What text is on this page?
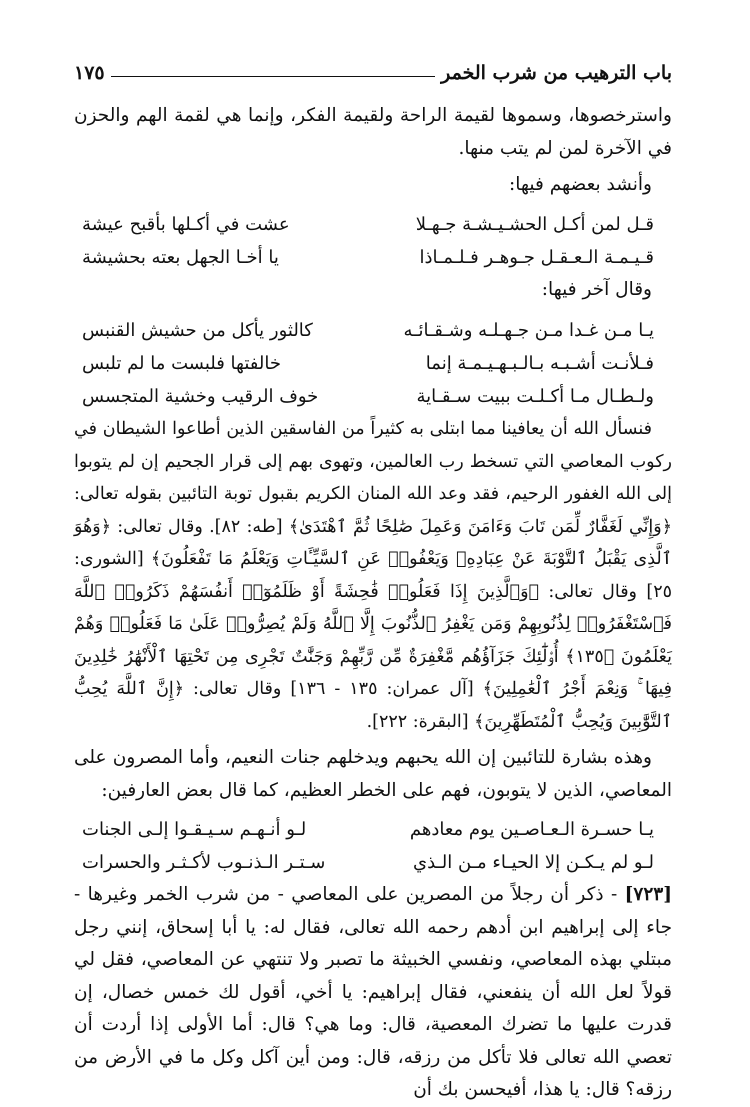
باب الترهيب من شرب الخمر
١٧٥

واسترخصوها، وسموها لقيمة الراحة ولقيمة الفكر، وإنما هي لقمة الهم والحزن في الآخرة لمن لم يتب منها.

وأنشد بعضهم فيها:

قـل لمن أكـل الحشـيـشـة جـهـلا
عشت في أكـلها بأقبح عيشة
قـيـمـة الـعـقـل جـوهـر فـلـمـاذا
يا أخـا الجهل بعته بحشيشة

وقال آخر فيها:

يـا مـن غـدا مـن جـهـلـه وشـقـائـه
كالثور يأكل من حشيش القنبس
فـلأنـت أشـبـه بـالـبـهـيـمـة إنما
خالفتها فلبست ما لم تلبس
ولـطـال مـا أكـلـت ببيت سـقـاية
خوف الرقيب وخشية المتجسس

فنسأل الله أن يعافينا مما ابتلى به كثيراً من الفاسقين الذين أطاعوا الشيطان في ركوب المعاصي التي تسخط رب العالمين، وتهوى بهم إلى قرار الجحيم إن لم يتوبوا إلى الله الغفور الرحيم، فقد وعد الله المنان الكريم بقبول توبة التائبين بقوله تعالى: ﴿وَإِنِّي لَغَفَّارٌ لِّمَن تَابَ وَءَامَنَ وَعَمِلَ صَٰلِحًا ثُمَّ ٱهْتَدَىٰ﴾ [طه: ٨٢]. وقال تعالى: ﴿وَهُوَ ٱلَّذِى يَقْبَلُ ٱلتَّوْبَةَ عَنْ عِبَادِهِۦ وَيَعْفُوا۟ عَنِ ٱلسَّيِّـَٔاتِ وَيَعْلَمُ مَا تَفْعَلُونَ﴾ [الشورى: ٢٥] وقال تعالى: ﴿وَٱلَّذِينَ إِذَا فَعَلُوا۟ فَٰحِشَةً أَوْ ظَلَمُوٓا۟ أَنفُسَهُمْ ذَكَرُوا۟ ٱللَّهَ فَٱسْتَغْفَرُوا۟ لِذُنُوبِهِمْ وَمَن يَغْفِرُ ٱلذُّنُوبَ إِلَّا ٱللَّهُ وَلَمْ يُصِرُّوا۟ عَلَىٰ مَا فَعَلُوا۟ وَهُمْ يَعْلَمُونَ ﴿١٣٥﴾ أُو۟لَٰٓئِكَ جَزَآؤُهُم مَّغْفِرَةٌ مِّن رَّبِّهِمْ وَجَنَّٰتٌ تَجْرِى مِن تَحْتِهَا ٱلْأَنْهَٰرُ خَٰلِدِينَ فِيهَا ۚ وَنِعْمَ أَجْرُ ٱلْعَٰمِلِينَ﴾ [آل عمران: ١٣٥ - ١٣٦] وقال تعالى: ﴿إِنَّ ٱللَّهَ يُحِبُّ ٱلتَّوَّٰبِينَ وَيُحِبُّ ٱلْمُتَطَهِّرِينَ﴾ [البقرة: ٢٢٢].

وهذه بشارة للتائبين إن الله يحبهم ويدخلهم جنات النعيم، وأما المصرون على المعاصي، الذين لا يتوبون، فهم على الخطر العظيم، كما قال بعض العارفين:

يـا حسـرة الـعـاصـين يوم معادهم
لـو أنـهـم سـيـقـوا إلـى الجنات
لـو لم يـكـن إلا الحيـاء مـن الـذي
سـتـر الـذنـوب لأكـثـر والحسرات

[٧٢٣] - ذكر أن رجلاً من المصرين على المعاصي - من شرب الخمر وغيرها - جاء إلى إبراهيم ابن أدهم رحمه الله تعالى، فقال له: يا أبا إسحاق، إنني رجل مبتلي بهذه المعاصي، ونفسي الخبيثة ما تصبر ولا تنتهي عن المعاصي، فقل لي قولاً لعل الله أن ينفعني، فقال إبراهيم: يا أخي، أقول لك خمس خصال، إن قدرت عليها ما تضرك المعصية، قال: وما هي؟ قال: أما الأولى إذا أردت أن تعصي الله تعالى فلا تأكل من رزقه، قال: ومن أين آكل وكل ما في الأرض من رزقه؟ قال: يا هذا، أفيحسن بك أن
